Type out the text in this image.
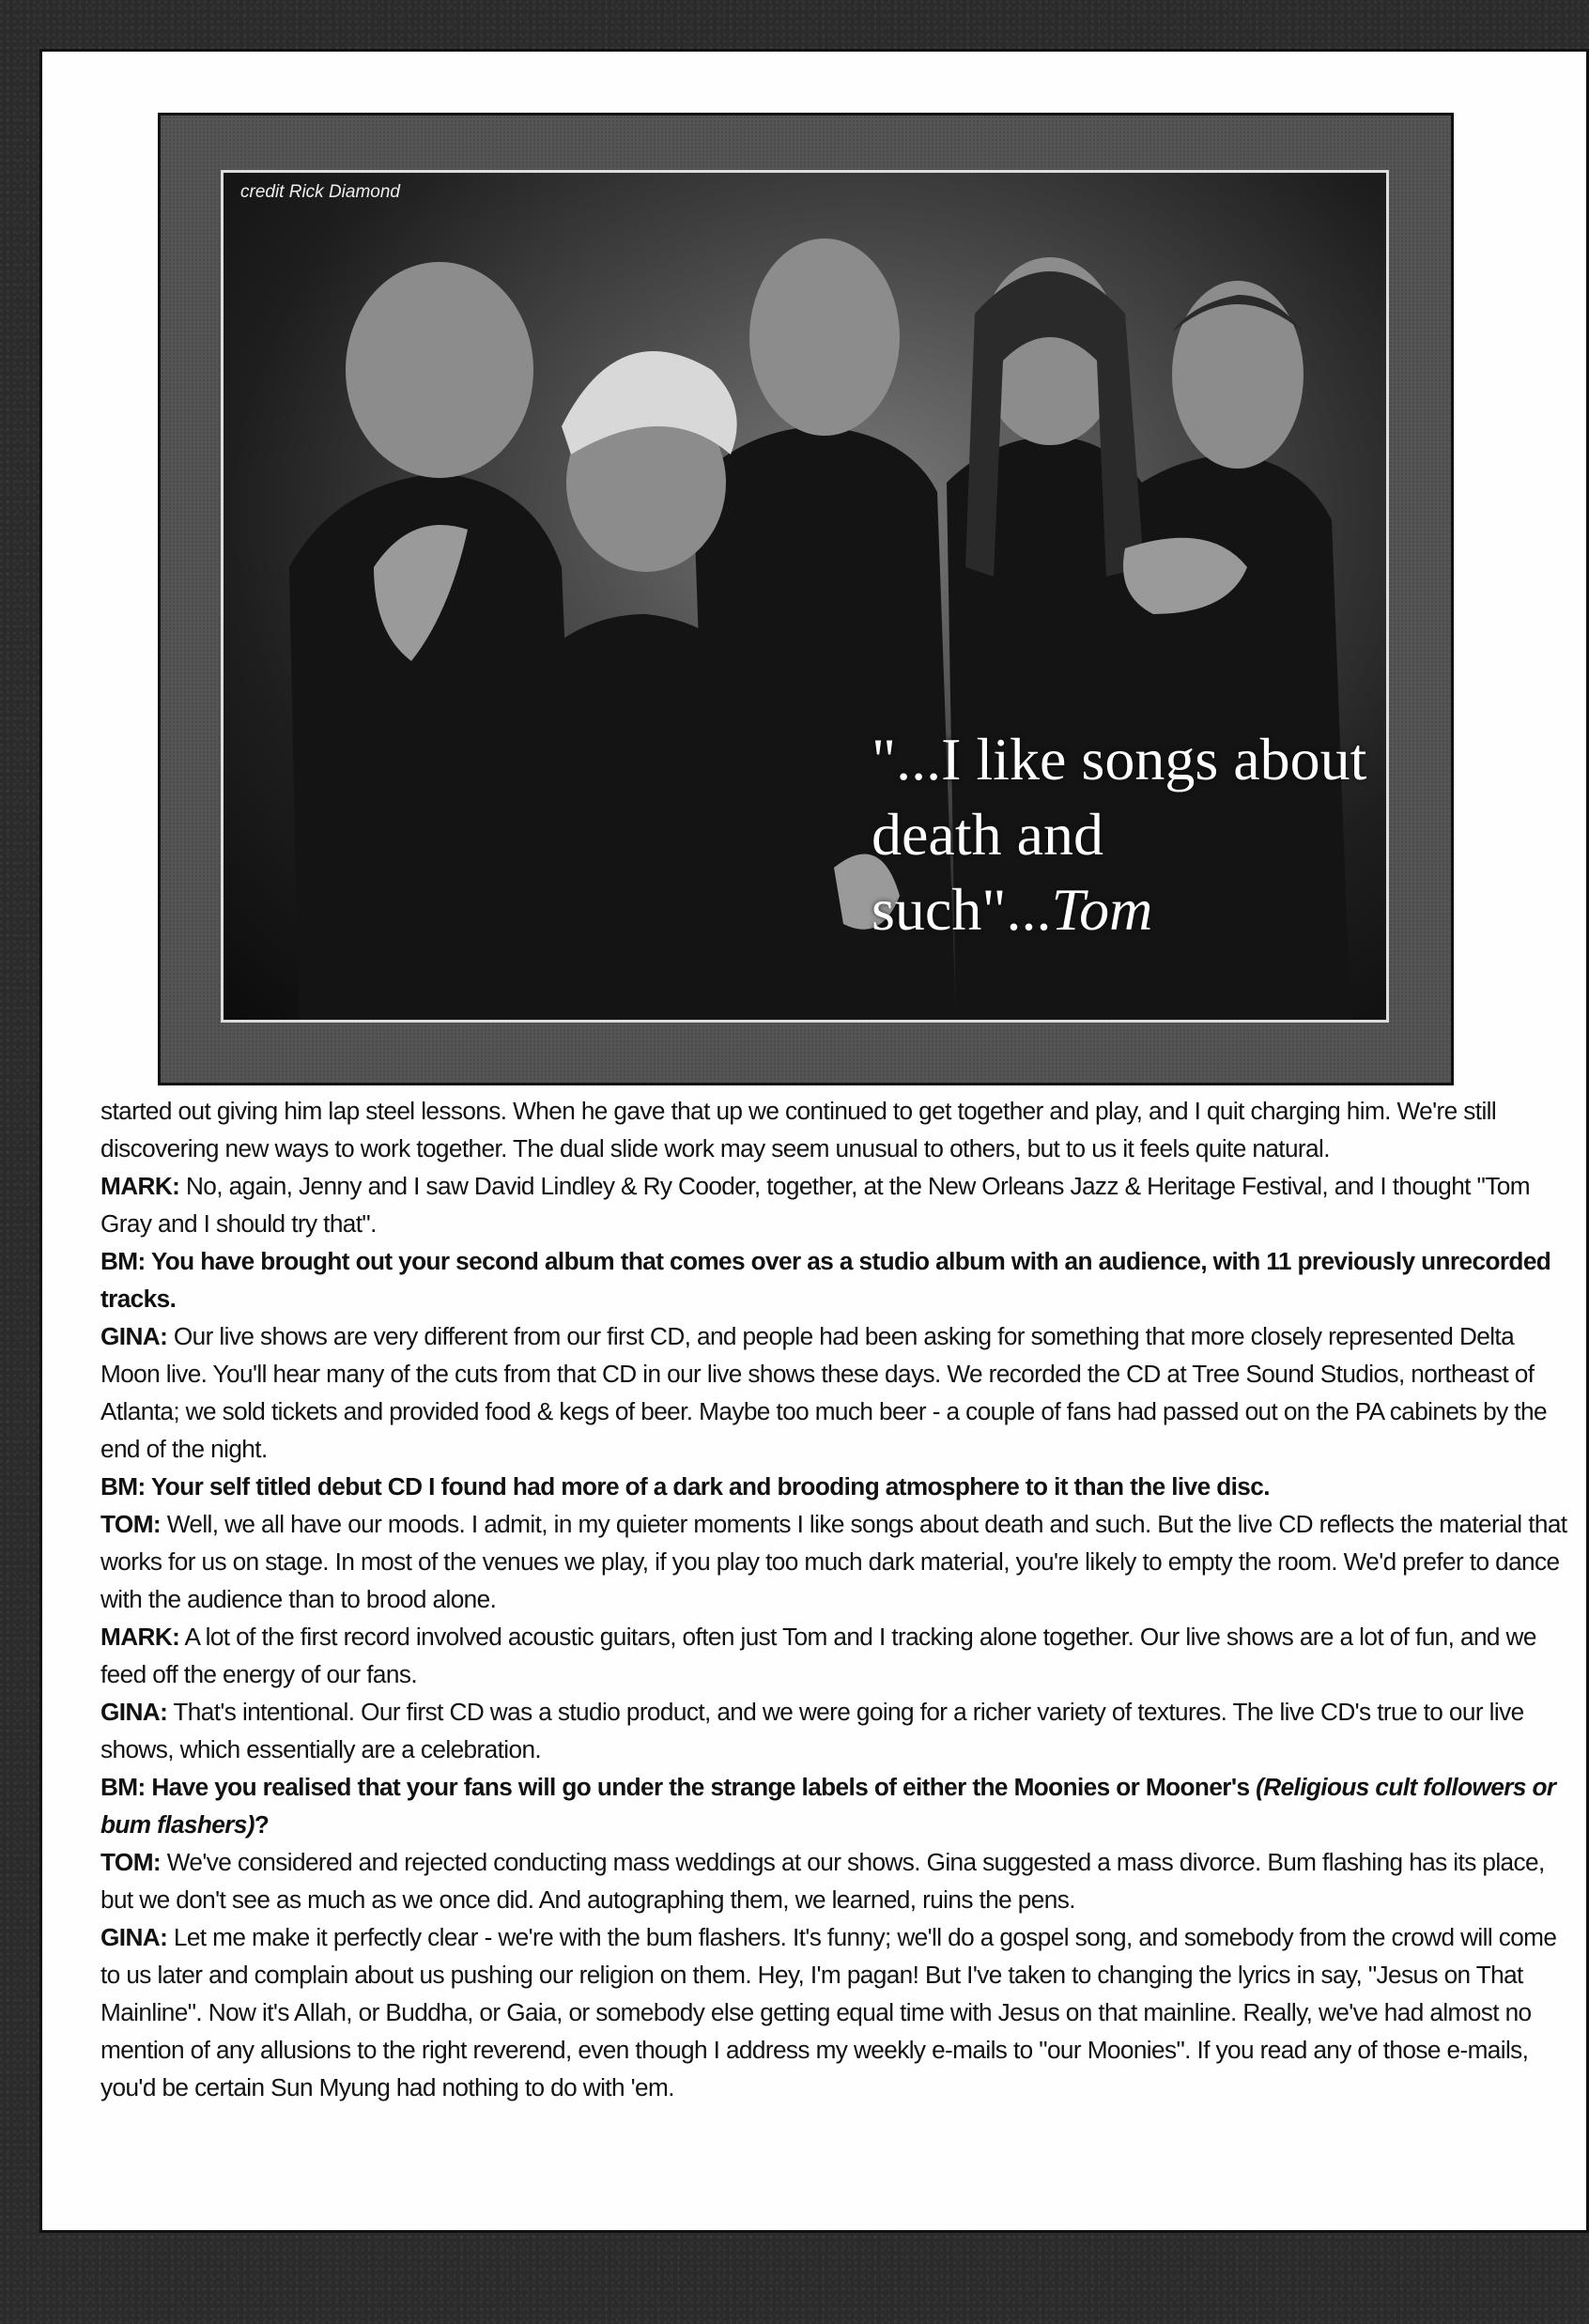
credit Rick Diamond
"...I like songs about death and such"...Tom

started out giving him lap steel lessons. When he gave that up we continued to get together and play, and I quit charging him. We're still discovering new ways to work together. The dual slide work may seem unusual to others, but to us it feels quite natural.

MARK: No, again, Jenny and I saw David Lindley & Ry Cooder, together, at the New Orleans Jazz & Heritage Festival, and I thought "Tom Gray and I should try that".

BM: You have brought out your second album that comes over as a studio album with an audience, with 11 previously unrecorded tracks.

GINA: Our live shows are very different from our first CD, and people had been asking for something that more closely represented Delta Moon live. You'll hear many of the cuts from that CD in our live shows these days. We recorded the CD at Tree Sound Studios, northeast of Atlanta; we sold tickets and provided food & kegs of beer. Maybe too much beer - a couple of fans had passed out on the PA cabinets by the end of the night.

BM: Your self titled debut CD I found had more of a dark and brooding atmosphere to it than the live disc.

TOM: Well, we all have our moods. I admit, in my quieter moments I like songs about death and such. But the live CD reflects the material that works for us on stage. In most of the venues we play, if you play too much dark material, you're likely to empty the room. We'd prefer to dance with the audience than to brood alone.

MARK: A lot of the first record involved acoustic guitars, often just Tom and I tracking alone together. Our live shows are a lot of fun, and we feed off the energy of our fans.

GINA: That's intentional. Our first CD was a studio product, and we were going for a richer variety of textures. The live CD's true to our live shows, which essentially are a celebration.

BM: Have you realised that your fans will go under the strange labels of either the Moonies or Mooner's (Religious cult followers or bum flashers)?

TOM: We've considered and rejected conducting mass weddings at our shows. Gina suggested a mass divorce. Bum flashing has its place, but we don't see as much as we once did. And autographing them, we learned, ruins the pens.

GINA: Let me make it perfectly clear - we're with the bum flashers. It's funny; we'll do a gospel song, and somebody from the crowd will come to us later and complain about us pushing our religion on them. Hey, I'm pagan! But I've taken to changing the lyrics in say, "Jesus on That Mainline". Now it's Allah, or Buddha, or Gaia, or somebody else getting equal time with Jesus on that mainline. Really, we've had almost no mention of any allusions to the right reverend, even though I address my weekly e-mails to "our Moonies". If you read any of those e-mails, you'd be certain Sun Myung had nothing to do with 'em.
